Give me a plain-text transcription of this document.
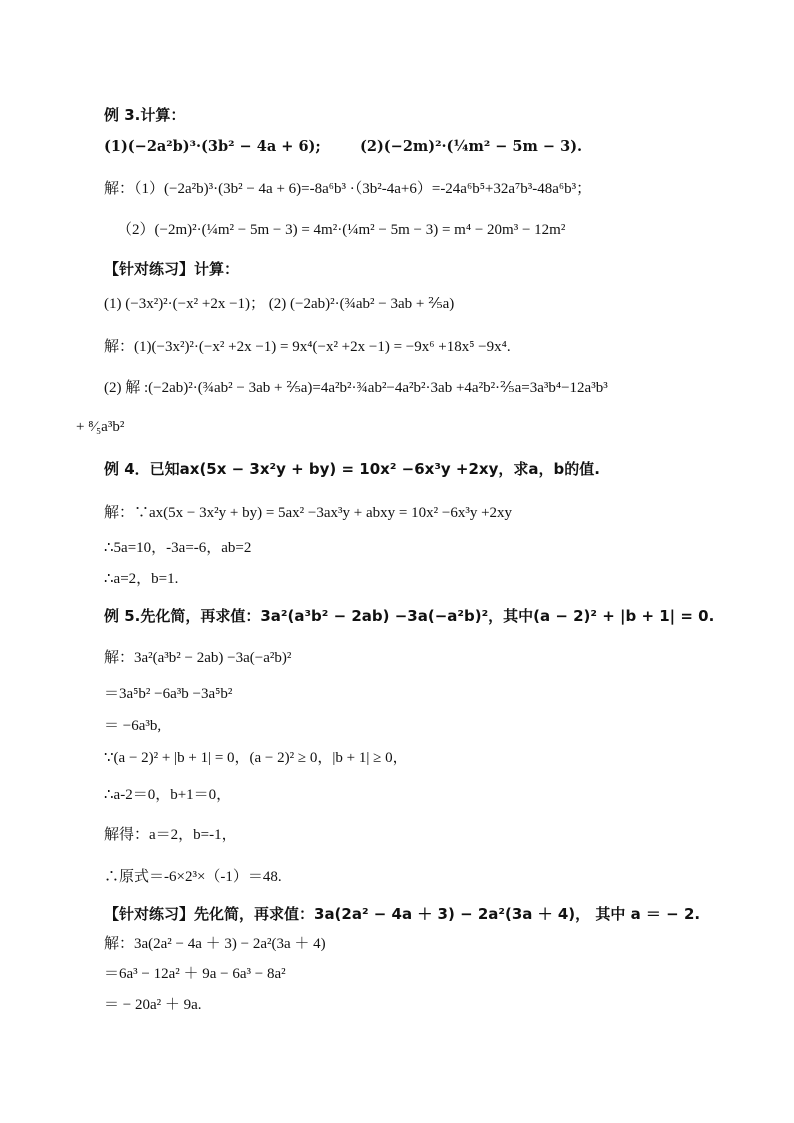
例 3.计算：
(1)(−2a²b)³·(3b² − 4a + 6);	(2)(−2m)²·(¼m² − 5m − 3).
解：（1）(−2a²b)³·(3b² − 4a + 6)=-8a⁶b³ ·（3b²-4a+6）=-24a⁶b⁵+32a⁷b³-48a⁶b³；
（2）(−2m)²·(¼m² − 5m − 3) = 4m²·(¼m² − 5m − 3) = m⁴ − 20m³ − 12m²
【针对练习】计算：
(1) (−3x²)²·(−x² +2x −1)； (2) (−2ab)²·(¾ab² − 3ab + ⅖a)
解：(1)(−3x²)²·(−x² +2x −1) = 9x⁴(−x² +2x −1) = −9x⁶ +18x⁵ −9x⁴.
(2) 解 :(−2ab)²·(¾ab² − 3ab + ⅖a)=4a²b²·¾ab²−4a²b²·3ab +4a²b²·⅖a=3a³b⁴−12a³b³
+ ⁸⁄₅a³b²
例 4．已知ax(5x − 3x²y + by) = 10x² −6x³y +2xy，求a，b的值.
解：∵ax(5x − 3x²y + by) = 5ax² −3ax³y + abxy = 10x² −6x³y +2xy
∴5a=10，-3a=-6，ab=2
∴a=2，b=1.
例 5.先化简，再求值：3a²(a³b² − 2ab) −3a(−a²b)²，其中(a − 2)² + |b + 1| = 0.
解：3a²(a³b² − 2ab) −3a(−a²b)²
＝3a⁵b² −6a³b −3a⁵b²
＝ −6a³b,
∵(a − 2)² + |b + 1| = 0，(a − 2)² ≥ 0，|b + 1| ≥ 0，
∴a-2＝0，b+1＝0，
解得：a＝2，b=-1，
∴原式＝-6×2³×（-1）＝48.
【针对练习】先化简，再求值：3a(2a² − 4a ＋ 3) − 2a²(3a ＋ 4)， 其中 a ＝ − 2.
解：3a(2a² − 4a ＋ 3) − 2a²(3a ＋ 4)
＝6a³ − 12a² ＋ 9a − 6a³ − 8a²
＝ − 20a² ＋ 9a.
